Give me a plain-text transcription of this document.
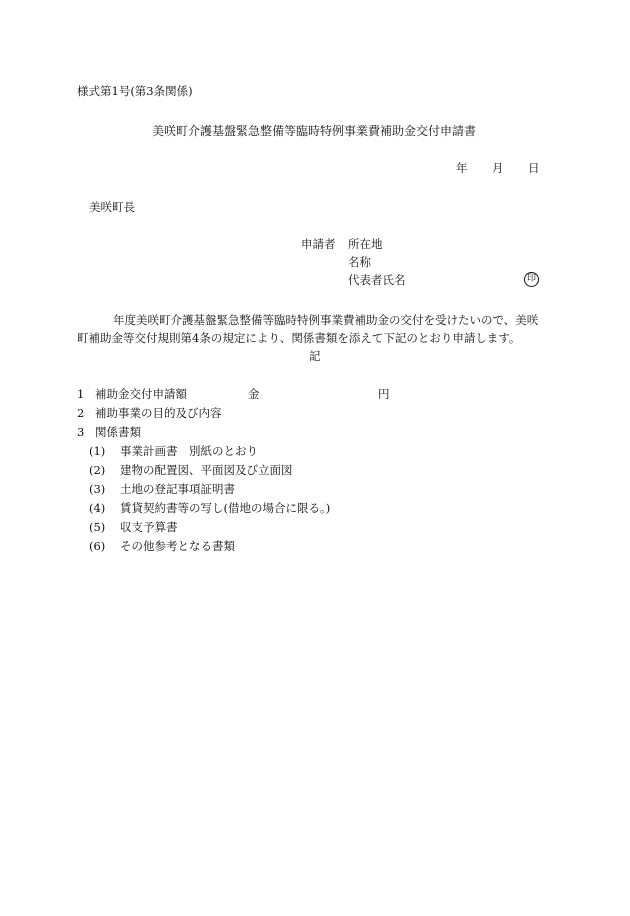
様式第1号(第3条関係)
美咲町介護基盤緊急整備等臨時特例事業費補助金交付申請書
年 月 日
美咲町長
申請者 所在地
名称
代表者氏名	印
年度美咲町介護基盤緊急整備等臨時特例事業費補助金の交付を受けたいので、美咲
町補助金等交付規則第4条の規定により、関係書類を添えて下記のとおり申請します。
記
1 補助金交付申請額	金	円
2 補助事業の目的及び内容
3 関係書類
(1) 事業計画書　別紙のとおり
(2) 建物の配置図、平面図及び立面図
(3) 土地の登記事項証明書
(4) 賃貸契約書等の写し(借地の場合に限る。)
(5) 収支予算書
(6) その他参考となる書類
